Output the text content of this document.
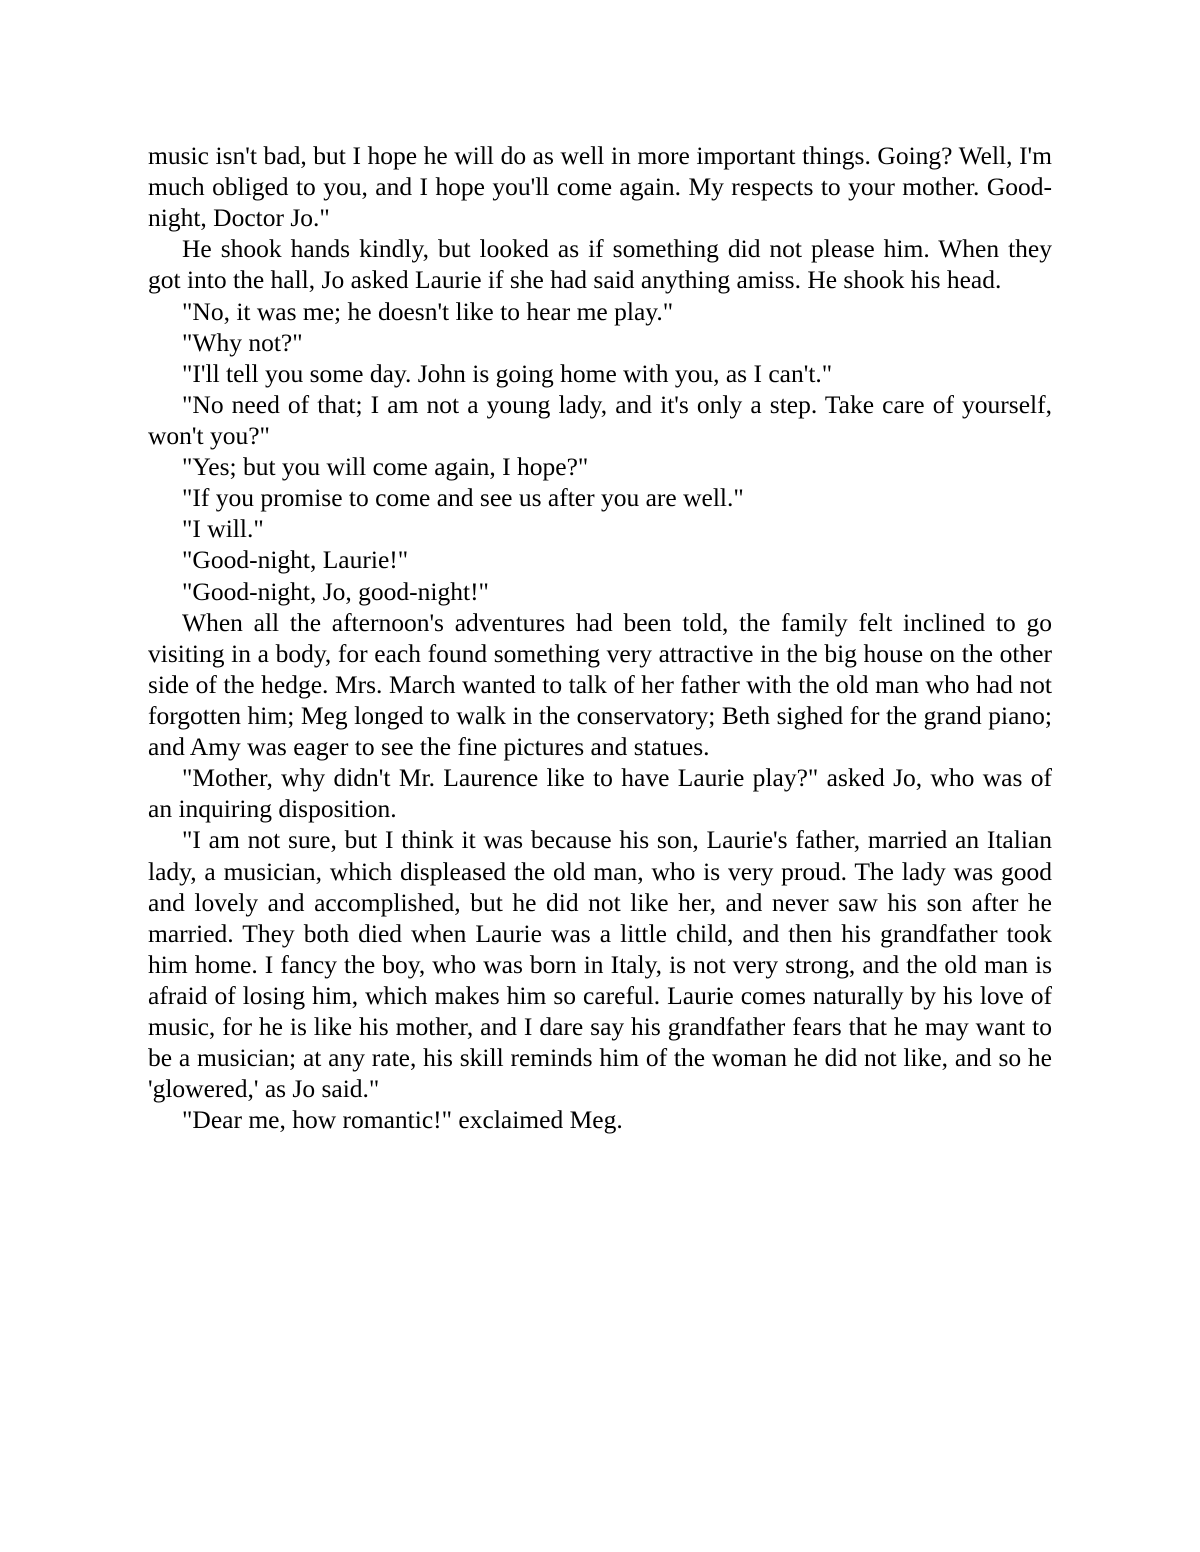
music isn't bad, but I hope he will do as well in more important things. Going? Well, I'm much obliged to you, and I hope you'll come again. My respects to your mother. Good-night, Doctor Jo."

He shook hands kindly, but looked as if something did not please him. When they got into the hall, Jo asked Laurie if she had said anything amiss. He shook his head.

"No, it was me; he doesn't like to hear me play."

"Why not?"

"I'll tell you some day. John is going home with you, as I can't."

"No need of that; I am not a young lady, and it's only a step. Take care of yourself, won't you?"

"Yes; but you will come again, I hope?"

"If you promise to come and see us after you are well."

"I will."

"Good-night, Laurie!"

"Good-night, Jo, good-night!"

When all the afternoon's adventures had been told, the family felt inclined to go visiting in a body, for each found something very attractive in the big house on the other side of the hedge. Mrs. March wanted to talk of her father with the old man who had not forgotten him; Meg longed to walk in the conservatory; Beth sighed for the grand piano; and Amy was eager to see the fine pictures and statues.

"Mother, why didn't Mr. Laurence like to have Laurie play?" asked Jo, who was of an inquiring disposition.

"I am not sure, but I think it was because his son, Laurie's father, married an Italian lady, a musician, which displeased the old man, who is very proud. The lady was good and lovely and accomplished, but he did not like her, and never saw his son after he married. They both died when Laurie was a little child, and then his grandfather took him home. I fancy the boy, who was born in Italy, is not very strong, and the old man is afraid of losing him, which makes him so careful. Laurie comes naturally by his love of music, for he is like his mother, and I dare say his grandfather fears that he may want to be a musician; at any rate, his skill reminds him of the woman he did not like, and so he 'glowered,' as Jo said."

"Dear me, how romantic!" exclaimed Meg.
